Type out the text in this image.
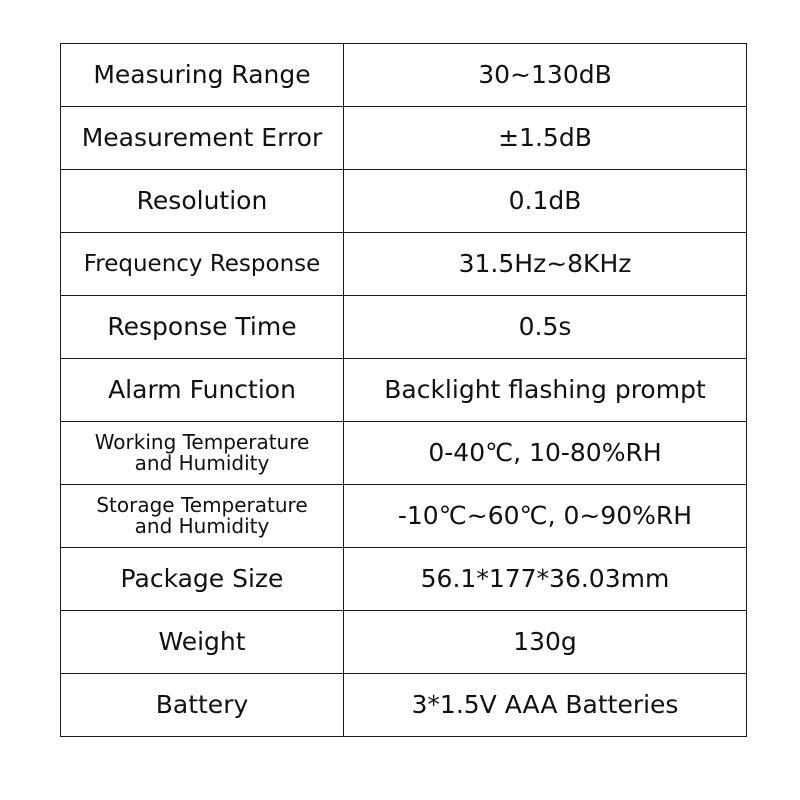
Measuring Range	30~130dB
Measurement Error	±1.5dB
Resolution	0.1dB
Frequency Response	31.5Hz~8KHz
Response Time	0.5s
Alarm Function	Backlight flashing prompt

Working Temperature
and Humidity	0-40℃, 10-80%RH

Storage Temperature
and Humidity	-10℃~60℃, 0~90%RH
Package Size	56.1*177*36.03mm
Weight	130g
Battery	3*1.5V AAA Batteries
